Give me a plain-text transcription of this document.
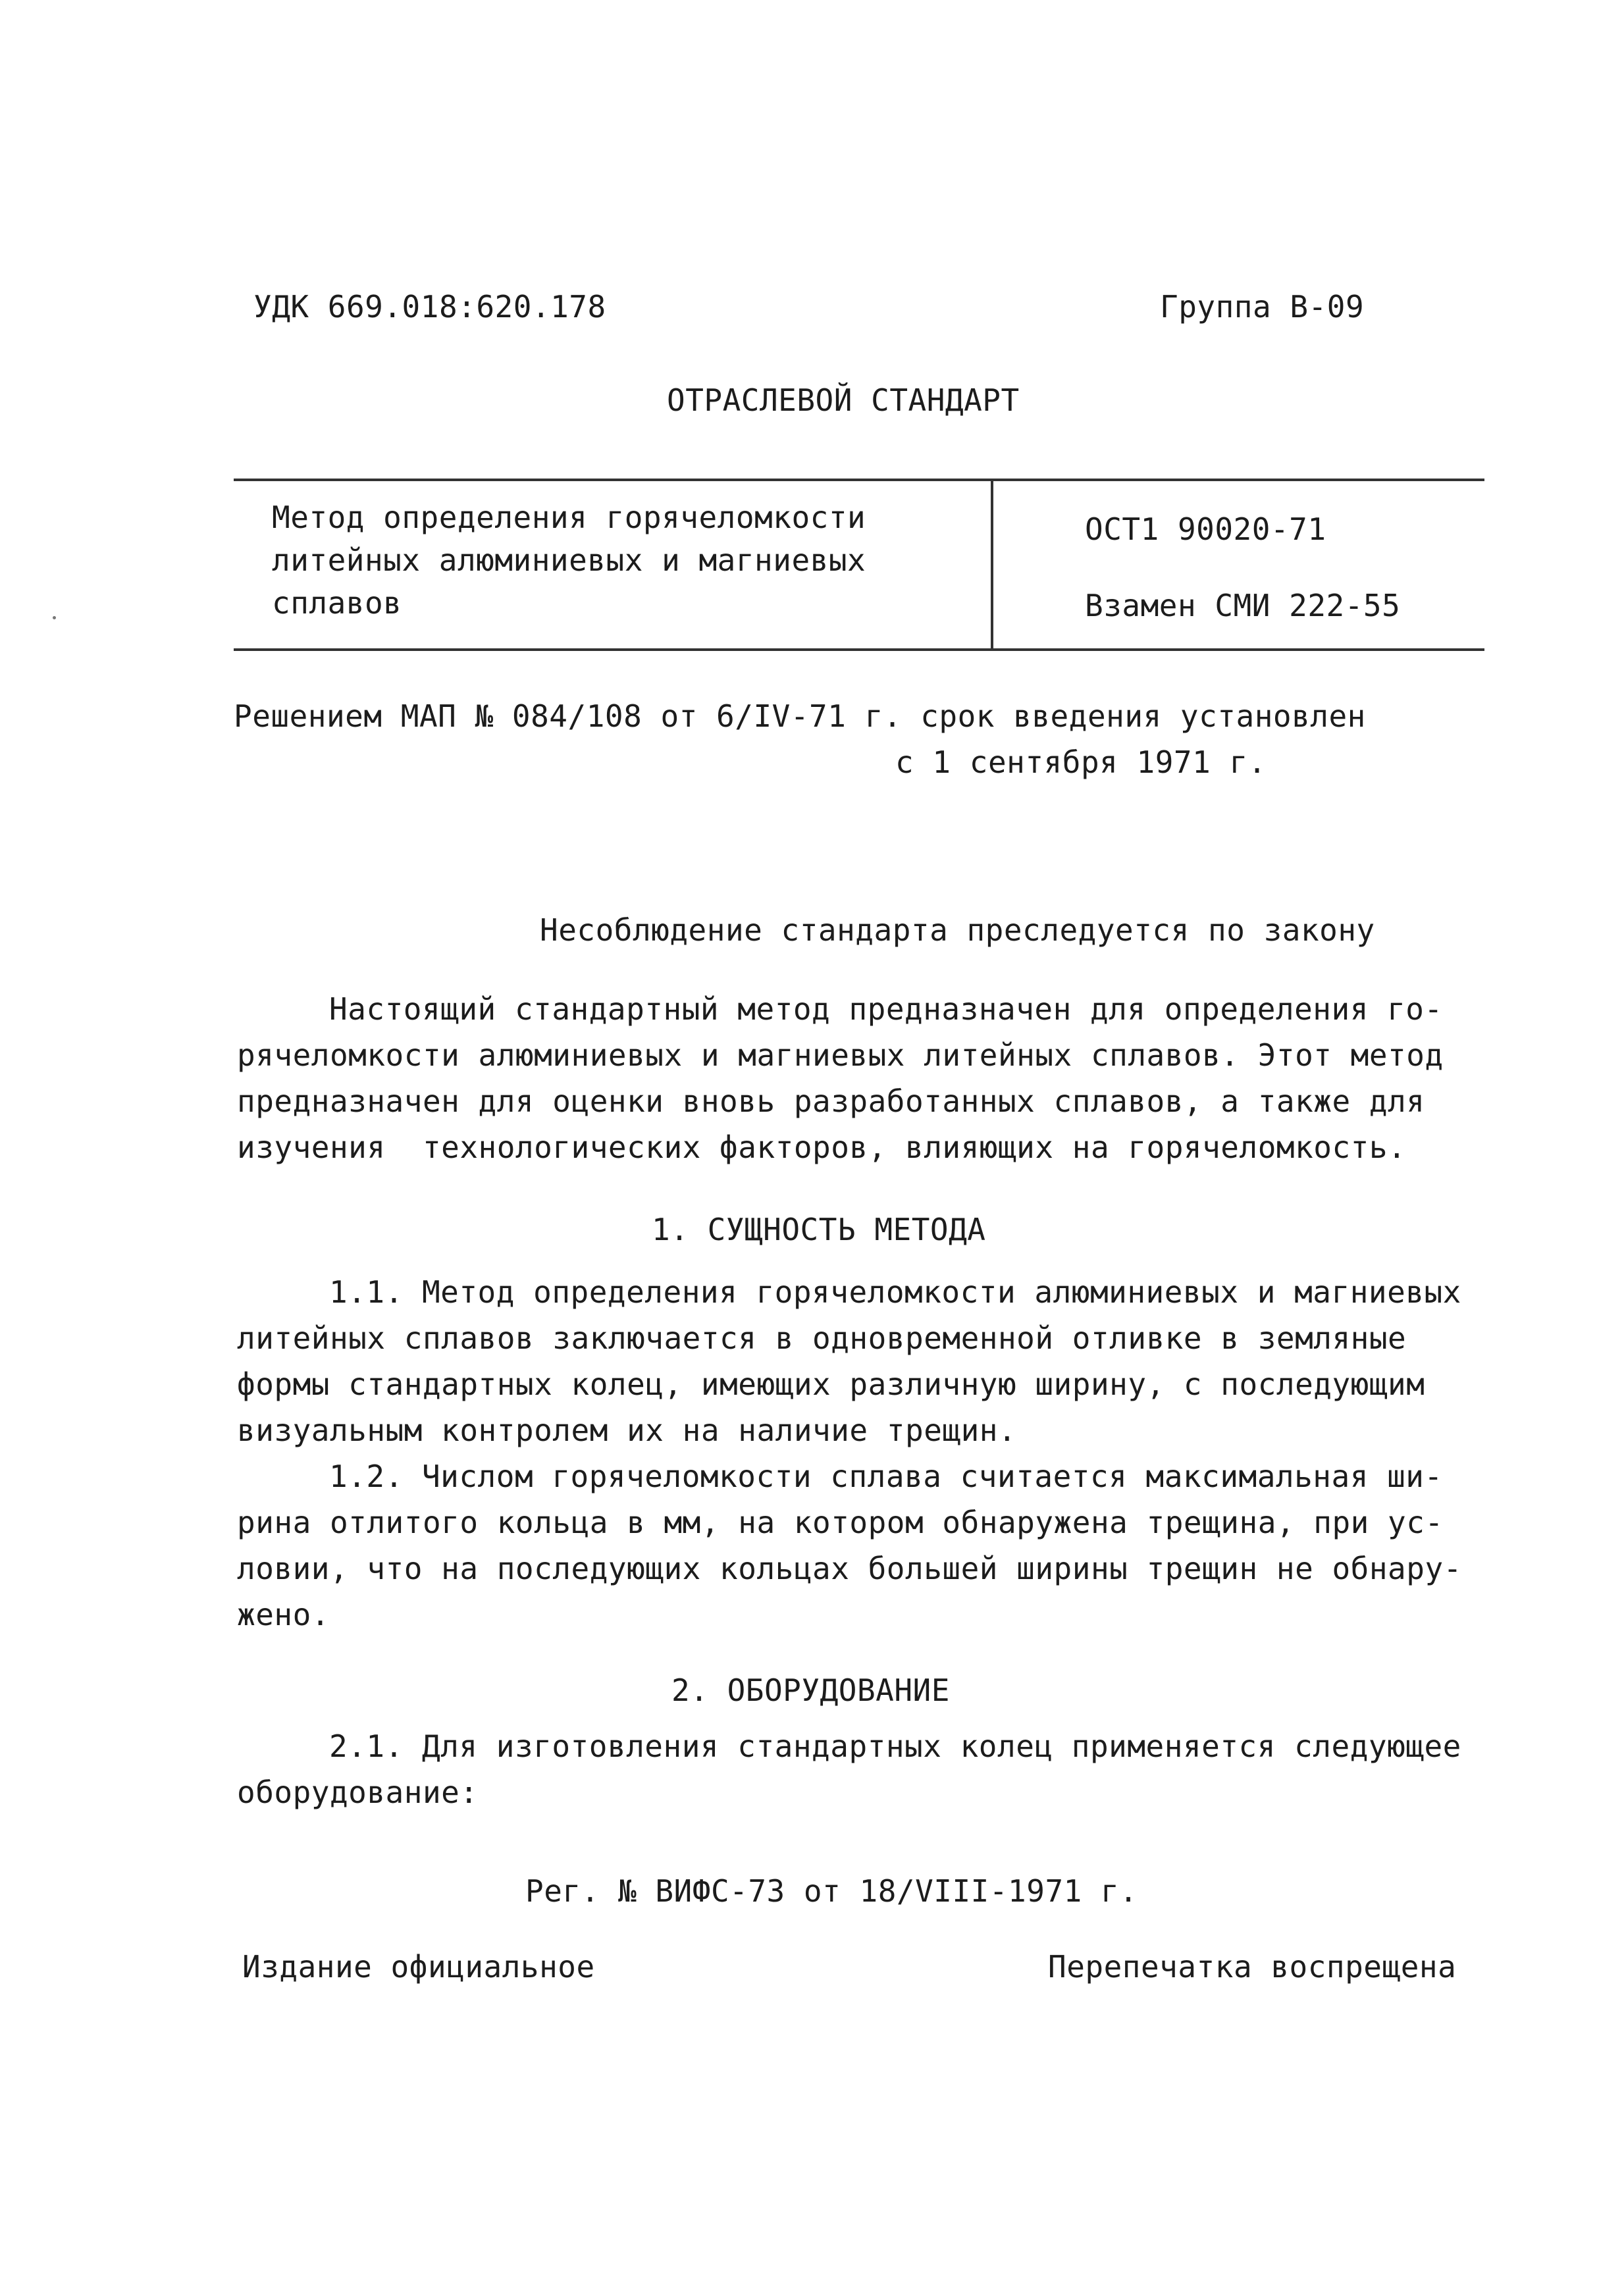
УДК 669.018:620.178	Группа В-09
ОТРАСЛЕВОЙ СТАНДАРТ
Метод определения горячеломкости
литейных алюминиевых и магниевых
сплавов
ОСТ1 90020-71
Взамен СМИ 222-55
Решением МАП № 084/108 от 6/IV-71 г. срок введения установлен
с 1 сентября 1971 г.
Несоблюдение стандарта преследуется по закону
Настоящий стандартный метод предназначен для определения го-
рячеломкости алюминиевых и магниевых литейных сплавов. Этот метод
предназначен для оценки вновь разработанных сплавов, а также для
изучения  технологических факторов, влияющих на горячеломкость.
1. СУЩНОСТЬ МЕТОДА
1.1. Метод определения горячеломкости алюминиевых и магниевых
литейных сплавов заключается в одновременной отливке в земляные
формы стандартных колец, имеющих различную ширину, с последующим
визуальным контролем их на наличие трещин.
1.2. Числом горячеломкости сплава считается максимальная ши-
рина отлитого кольца в мм, на котором обнаружена трещина, при ус-
ловии, что на последующих кольцах большей ширины трещин не обнару-
жено.
2. ОБОРУДОВАНИЕ
2.1. Для изготовления стандартных колец применяется следующее
оборудование:
Рег. № ВИФС-73 от 18/VIII-1971 г.
Издание официальное	Перепечатка воспрещена
